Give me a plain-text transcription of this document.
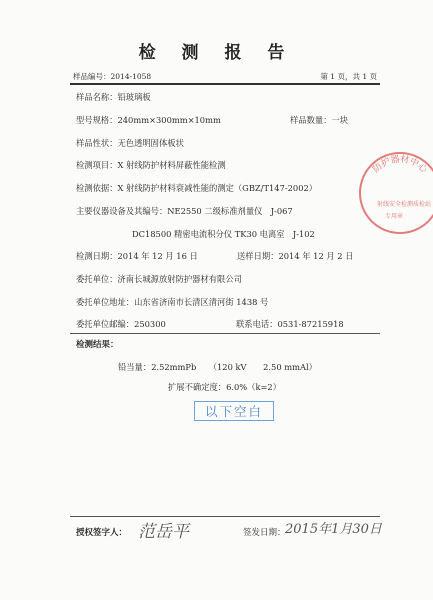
检 测 报 告
样品编号：2014-1058	第 1 页，共 1 页
样品名称：铅玻璃板
型号规格：240mm×300mm×10mm	样品数量：一块
样品性状：无色透明固体板状
检测项目：X 射线防护材料屏蔽性能检测
检测依据：X 射线防护材料衰减性能的测定（GBZ/T147-2002）
主要仪器设备及其编号：NE2550 二级标准剂量仪　J-067
DC18500 精密电流积分仪 TK30 电离室　J-102
检测日期：2014 年 12 月 16 日	送样日期：2014 年 12 月 2 日
委托单位：济南长城源放射防护器材有限公司
委托单位地址：山东省济南市长清区清河街 1438 号
委托单位邮编：250300	联系电话：0531-87215918
检测结果：
铅当量：2.52mmPb　　（120 kV　　2.50 mmAl）
扩展不确定度：6.0%（k=2）
以下空白
授权签字人： 范岳平	签发日期： 2015年1月30日
防护器材中心
射线安全检测质检站
专用章
